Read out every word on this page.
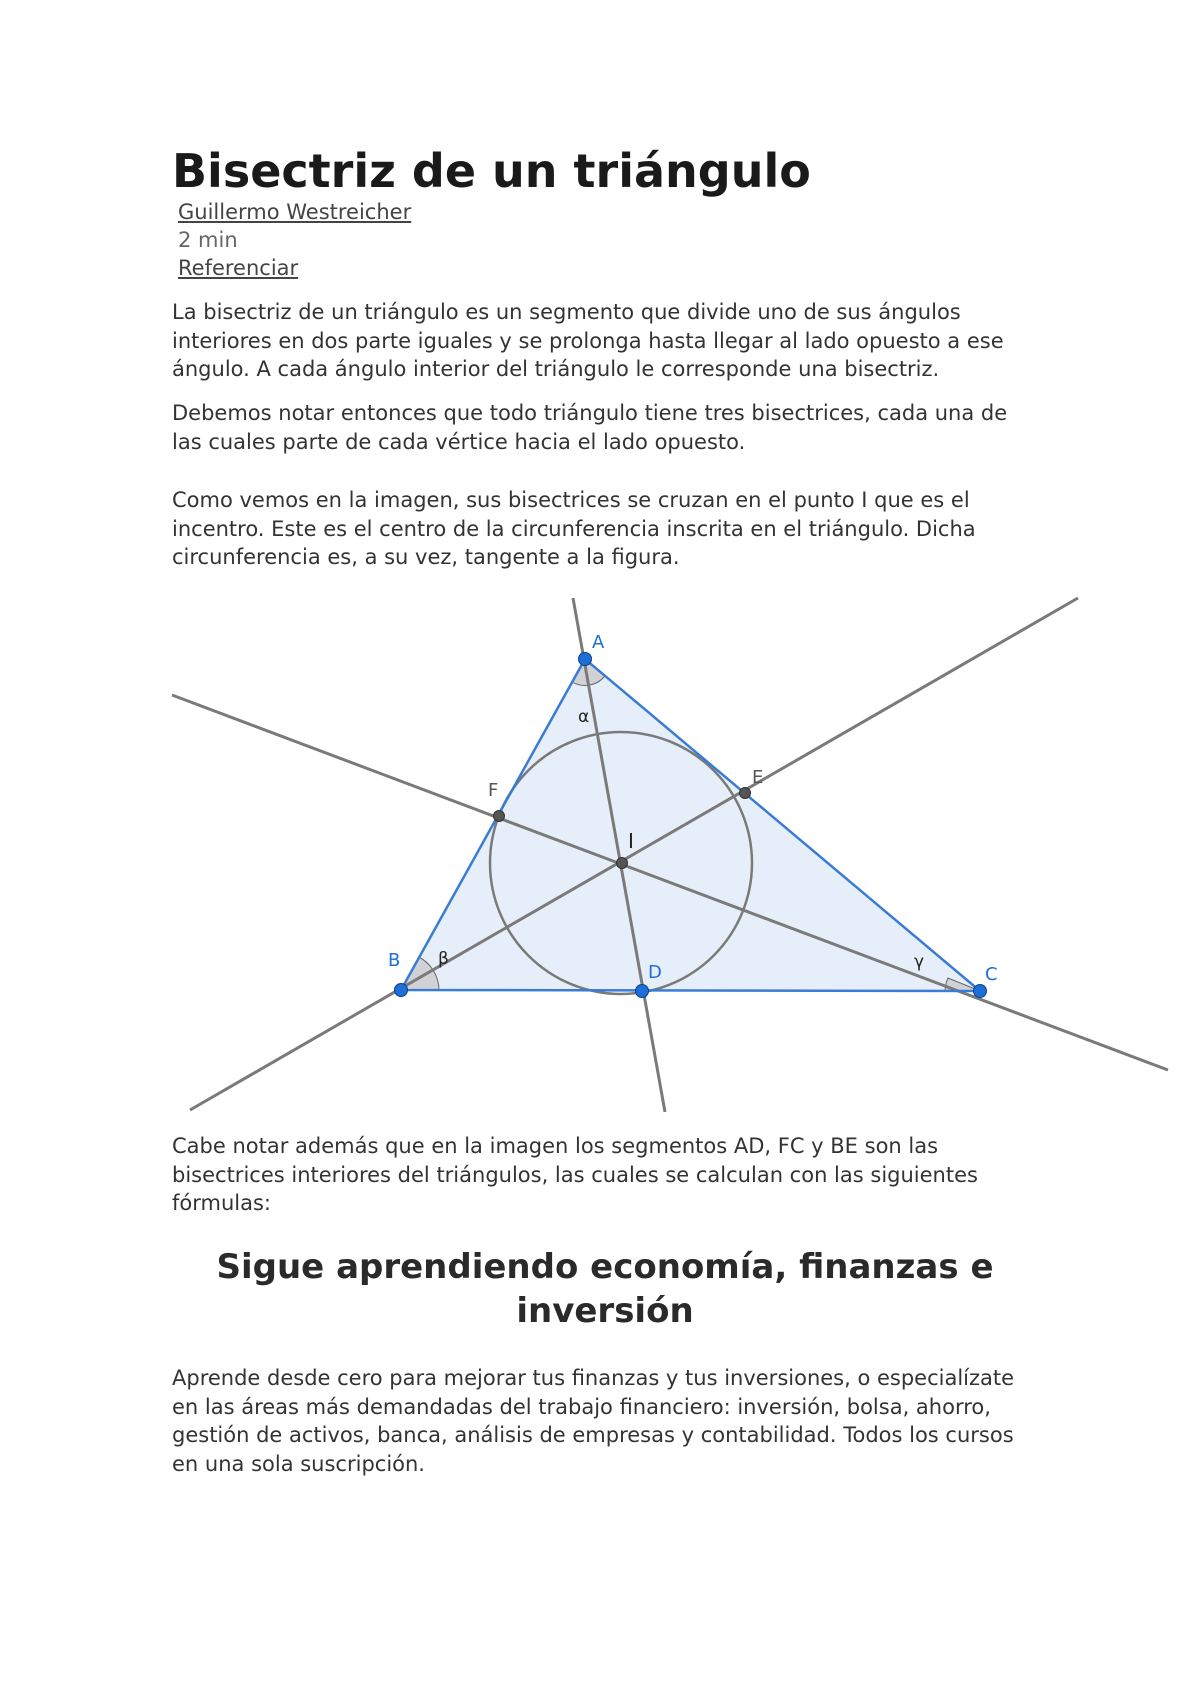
Bisectriz de un triángulo
Guillermo Westreicher
2 min
Referenciar

La bisectriz de un triángulo es un segmento que divide uno de sus ángulos interiores en dos parte iguales y se prolonga hasta llegar al lado opuesto a ese ángulo. A cada ángulo interior del triángulo le corresponde una bisectriz.

Debemos notar entonces que todo triángulo tiene tres bisectrices, cada una de las cuales parte de cada vértice hacia el lado opuesto.

Como vemos en la imagen, sus bisectrices se cruzan en el punto I que es el incentro. Este es el centro de la circunferencia inscrita en el triángulo. Dicha circunferencia es, a su vez, tangente a la figura.

A
B
C
D
E
F
I
α
β	γ

Cabe notar además que en la imagen los segmentos AD, FC y BE son las bisectrices interiores del triángulos, las cuales se calculan con las siguientes fórmulas:

Sigue aprendiendo economía, finanzas e inversión

Aprende desde cero para mejorar tus finanzas y tus inversiones, o especialízate en las áreas más demandadas del trabajo financiero: inversión, bolsa, ahorro, gestión de activos, banca, análisis de empresas y contabilidad. Todos los cursos en una sola suscripción.
